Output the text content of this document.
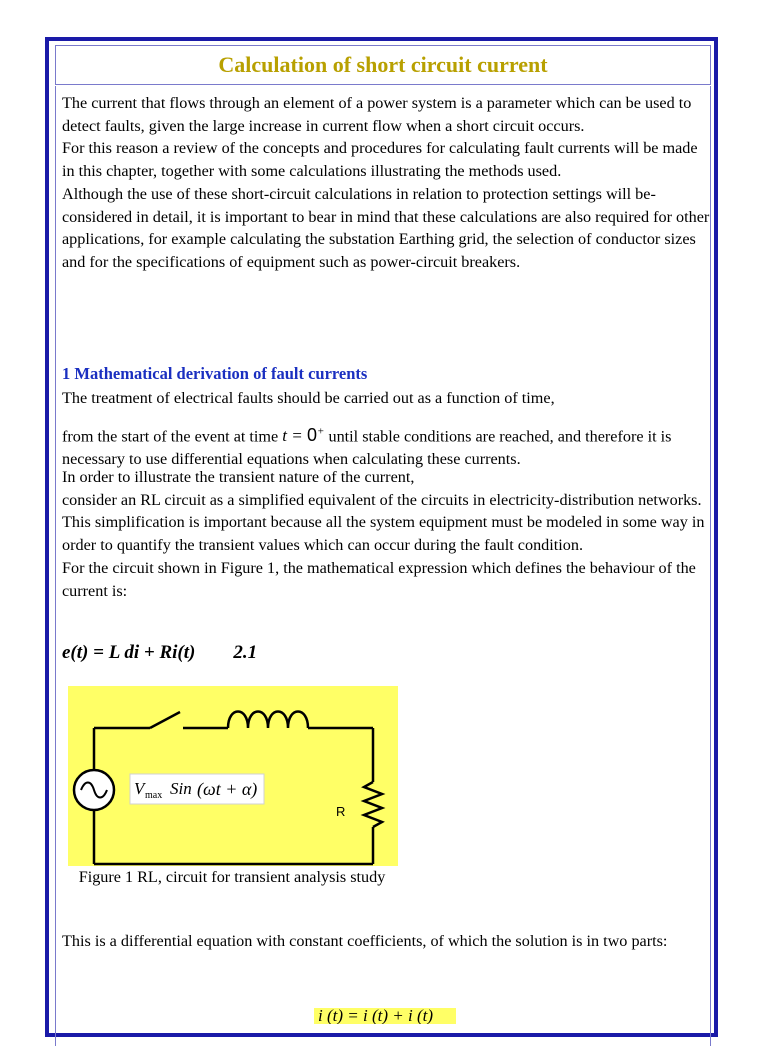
Calculation of short circuit current

The current that flows through an element of a power system is a parameter which can be used to detect faults, given the large increase in current flow when a short circuit occurs.

For this reason a review of the concepts and procedures for calculating fault currents will be made in this chapter, together with some calculations illustrating the methods used.

Although the use of these short-circuit calculations in relation to protection settings will be-considered in detail, it is important to bear in mind that these calculations are also required for other applications, for example calculating the substation Earthing grid, the selection of conductor sizes and for the specifications of equipment such as power-circuit breakers.

1 Mathematical derivation of fault currents

The treatment of electrical faults should be carried out as a function of time,

from the start of the event at time t = 0+ until stable conditions are reached, and therefore it is necessary to use differential equations when calculating these currents.

In order to illustrate the transient nature of the current,

consider an RL circuit as a simplified equivalent of the circuits in electricity-distribution networks. This simplification is important because all the system equipment must be modeled in some way in order to quantify the transient values which can occur during the fault condition.

For the circuit shown in Figure 1, the mathematical expression which defines the behaviour of the current is:

e(t) = L di + Ri(t) 2.1
V max Sin (ωt + α)
R
Figure 1 RL, circuit for transient analysis study
This is a differential equation with constant coefficients, of which the solution is in two parts:
i (t) = i (t) + i (t)
